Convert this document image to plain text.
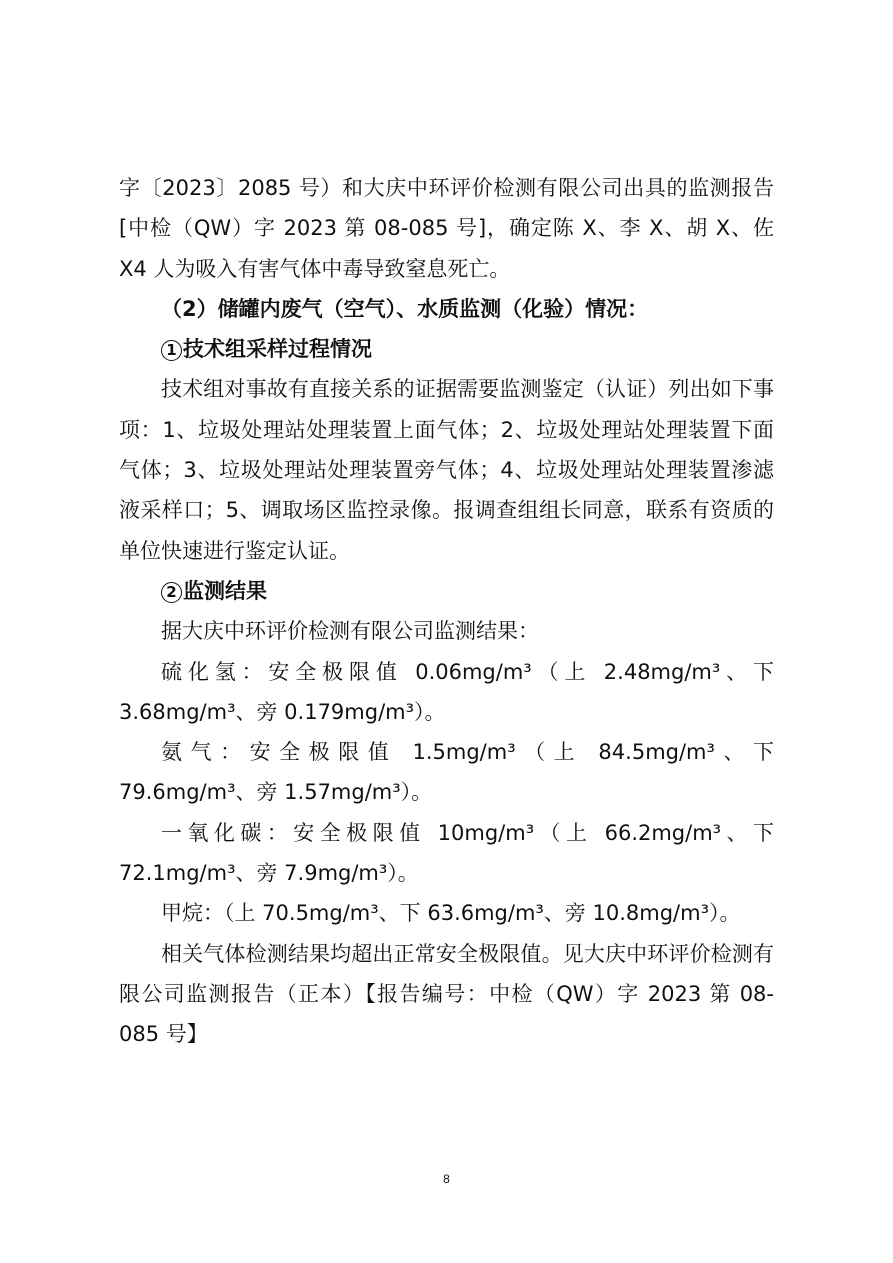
字〔2023〕2085 号）和大庆中环评价检测有限公司出具的监测报告[中检（QW）字 2023 第 08-085 号]，确定陈 X、李 X、胡 X、佐 X4 人为吸入有害气体中毒导致窒息死亡。

（2）储罐内废气（空气）、水质监测（化验）情况：

1 技术组采样过程情况

技术组对事故有直接关系的证据需要监测鉴定（认证）列出如下事项：1、垃圾处理站处理装置上面气体；2、垃圾处理站处理装置下面气体；3、垃圾处理站处理装置旁气体；4、垃圾处理站处理装置渗滤液采样口；5、调取场区监控录像。报调查组组长同意，联系有资质的单位快速进行鉴定认证。

2 监测结果

据大庆中环评价检测有限公司监测结果：

硫化氢：安全极限值 0.06mg/m³（上 2.48mg/m³、下 3.68mg/m³、旁 0.179mg/m³）。

氨气：安全极限值 1.5mg/m³（上 84.5mg/m³、下 79.6mg/m³、旁 1.57mg/m³）。

一氧化碳：安全极限值 10mg/m³（上 66.2mg/m³、下 72.1mg/m³、旁 7.9mg/m³）。

甲烷：（上 70.5mg/m³、下 63.6mg/m³、旁 10.8mg/m³）。

相关气体检测结果均超出正常安全极限值。见大庆中环评价检测有限公司监测报告（正本）【报告编号：中检（QW）字 2023 第 08-085 号】

8
